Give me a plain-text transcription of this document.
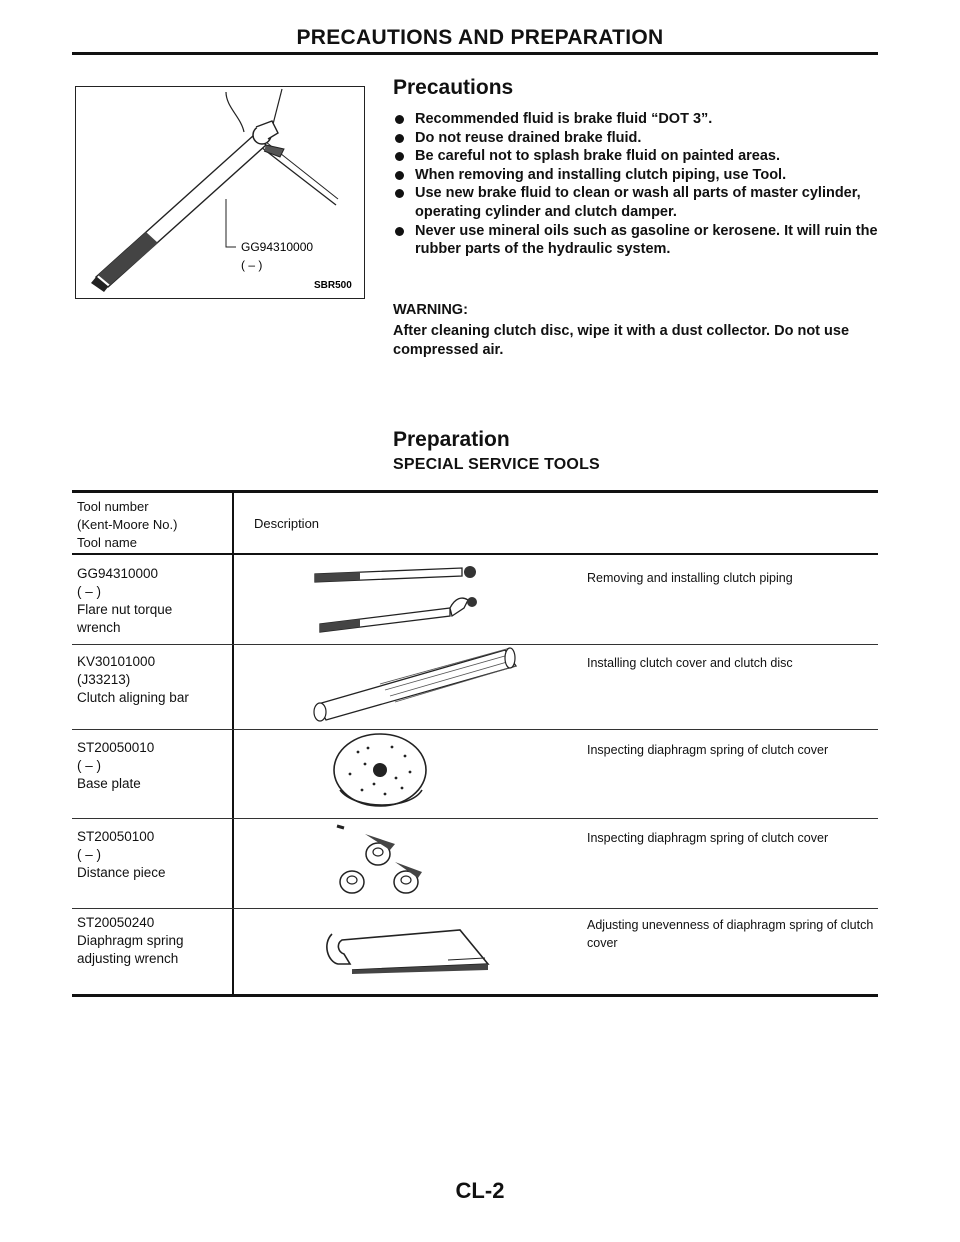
PRECAUTIONS AND PREPARATION
GG94310000
( – )
SBR500
Precautions
Recommended fluid is brake fluid “DOT 3”.
Do not reuse drained brake fluid.
Be careful not to splash brake fluid on painted areas.
When removing and installing clutch piping, use Tool.
Use new brake fluid to clean or wash all parts of master cylinder, operating cylinder and clutch damper.
Never use mineral oils such as gasoline or kerosene. It will ruin the rubber parts of the hydraulic system.
WARNING:
After cleaning clutch disc, wipe it with a dust collector. Do not use compressed air.
Preparation
SPECIAL SERVICE TOOLS
Tool number
(Kent-Moore No.)
Tool name
Description
GG94310000
( – )
Flare nut torque
wrench
Removing and installing clutch piping
KV30101000
(J33213)
Clutch aligning bar
Installing clutch cover and clutch disc
ST20050010
( – )
Base plate
Inspecting diaphragm spring of clutch cover
ST20050100
( – )
Distance piece
Inspecting diaphragm spring of clutch cover
ST20050240
Diaphragm spring
adjusting wrench
Adjusting unevenness of diaphragm spring of clutch cover
CL-2
